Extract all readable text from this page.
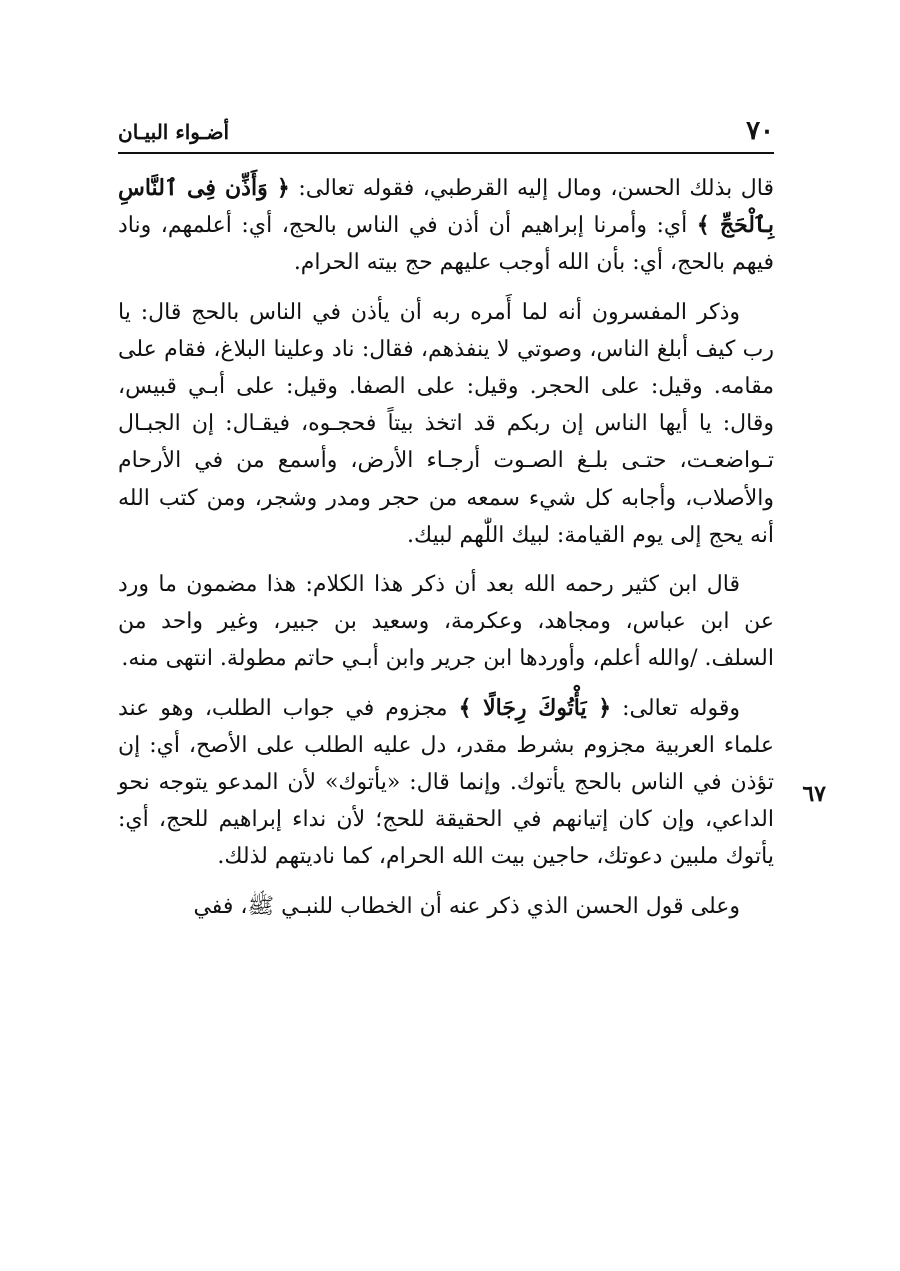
٧٠
أضـواء البيـان

قال بذلك الحسن، ومال إليه القرطبي، فقوله تعالى: ﴿ وَأَذِّن فِى ٱلنَّاسِ بِٱلْحَجِّ ﴾ أي: وأمرنا إبراهيم أن أذن في الناس بالحج، أي: أعلمهم، وناد فيهم بالحج، أي: بأن الله أوجب عليهم حج بيته الحرام.

وذكر المفسرون أنه لما أَمره ربه أن يأذن في الناس بالحج قال: يا رب كيف أبلغ الناس، وصوتي لا ينفذهم، فقال: ناد وعلينا البلاغ، فقام على مقامه. وقيل: على الحجر. وقيل: على الصفا. وقيل: على أبـي قبيس، وقال: يا أيها الناس إن ربكم قد اتخذ بيتاً فحجـوه، فيقـال: إن الجبـال تـواضعـت، حتـى بلـغ الصـوت أرجـاء الأرض، وأسمع من في الأرحام والأصلاب، وأجابه كل شيء سمعه من حجر ومدر وشجر، ومن كتب الله أنه يحج إلى يوم القيامة: لبيك اللّٰهم لبيك.

قال ابن كثير رحمه الله بعد أن ذكر هذا الكلام: هذا مضمون ما ورد عن ابن عباس، ومجاهد، وعكرمة، وسعيد بن جبير، وغير واحد من السلف. /والله أعلم، وأوردها ابن جرير وابن أبـي حاتم مطولة. انتهى منه.

وقوله تعالى: ﴿ يَأْتُوكَ رِجَالًا ﴾ مجزوم في جواب الطلب، وهو عند علماء العربية مجزوم بشرط مقدر، دل عليه الطلب على الأصح، أي: إن تؤذن في الناس بالحج يأتوك. وإنما قال: «يأتوك» لأن المدعو يتوجه نحو الداعي، وإن كان إتيانهم في الحقيقة للحج؛ لأن نداء إبراهيم للحج، أي: يأتوك ملبين دعوتك، حاجين بيت الله الحرام، كما ناديتهم لذلك.

وعلى قول الحسن الذي ذكر عنه أن الخطاب للنبـي ﷺ، ففي

٦٧
